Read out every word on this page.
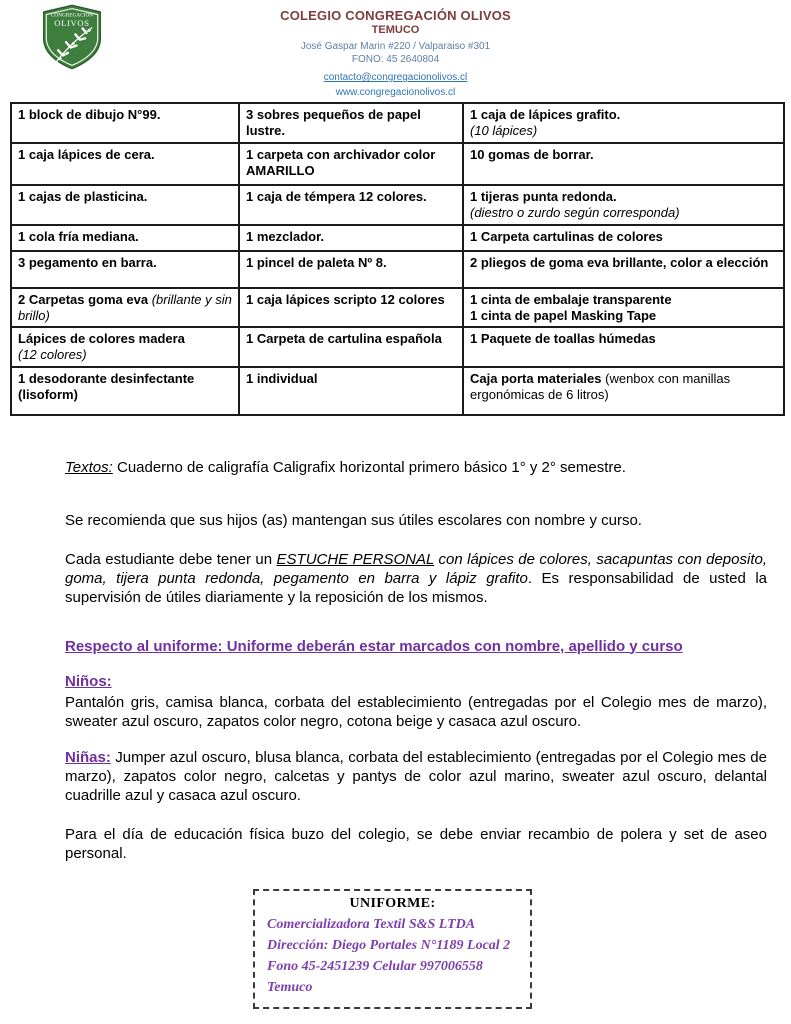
CONGREGACIÓN
OLIVOS	COLEGIO CONGREGACIÓN OLIVOS
TEMUCO
José Gaspar Marin #220 / Valparaiso #301
FONO: 45 2640804
contacto@congregacionolivos.cl
www.congregacionolivos.cl
1 block de dibujo N°99.	3 sobres pequeños de papel lustre.	1 caja de lápices grafito.
(10 lápices)
1 caja lápices de cera.	1 carpeta con archivador color AMARILLO	10 gomas de borrar.
1 cajas de plasticina.	1 caja de témpera 12 colores.	1 tijeras punta redonda.
(diestro o zurdo según corresponda)
1 cola fría mediana.	1 mezclador.	1 Carpeta cartulinas de colores
3 pegamento en barra.	1 pincel de paleta Nº 8.	2 pliegos de goma eva brillante, color a elección
2 Carpetas goma eva (brillante y sin brillo)	1 caja lápices scripto 12 colores	1 cinta de embalaje transparente
1 cinta de papel Masking Tape
Lápices de colores madera
(12 colores)	1 Carpeta de cartulina española	1 Paquete de toallas húmedas
1 desodorante desinfectante
(lisoform)	1 individual	Caja porta materiales (wenbox con manillas ergonómicas de 6 litros)
Textos: Cuaderno de caligrafía Caligrafix horizontal primero básico 1° y 2° semestre.
Se recomienda que sus hijos (as) mantengan sus útiles escolares con nombre y curso.
Cada estudiante debe tener un ESTUCHE PERSONAL con lápices de colores, sacapuntas con deposito, goma, tijera punta redonda, pegamento en barra y lápiz grafito. Es responsabilidad de usted la supervisión de útiles diariamente y la reposición de los mismos.
Respecto al uniforme: Uniforme deberán estar marcados con nombre, apellido y curso
Niños:
Pantalón gris, camisa blanca, corbata del establecimiento (entregadas por el Colegio mes de marzo), sweater azul oscuro, zapatos color negro, cotona beige y casaca azul oscuro.
Niñas: Jumper azul oscuro, blusa blanca, corbata del establecimiento (entregadas por el Colegio mes de marzo), zapatos color negro, calcetas y pantys de color azul marino, sweater azul oscuro, delantal cuadrille azul y casaca azul oscuro.
Para el día de educación física buzo del colegio, se debe enviar recambio de polera y set de aseo personal.
UNIFORME:
Comercializadora Textil S&S LTDA
Dirección: Diego Portales N°1189 Local 2
Fono 45-2451239 Celular 997006558
Temuco
